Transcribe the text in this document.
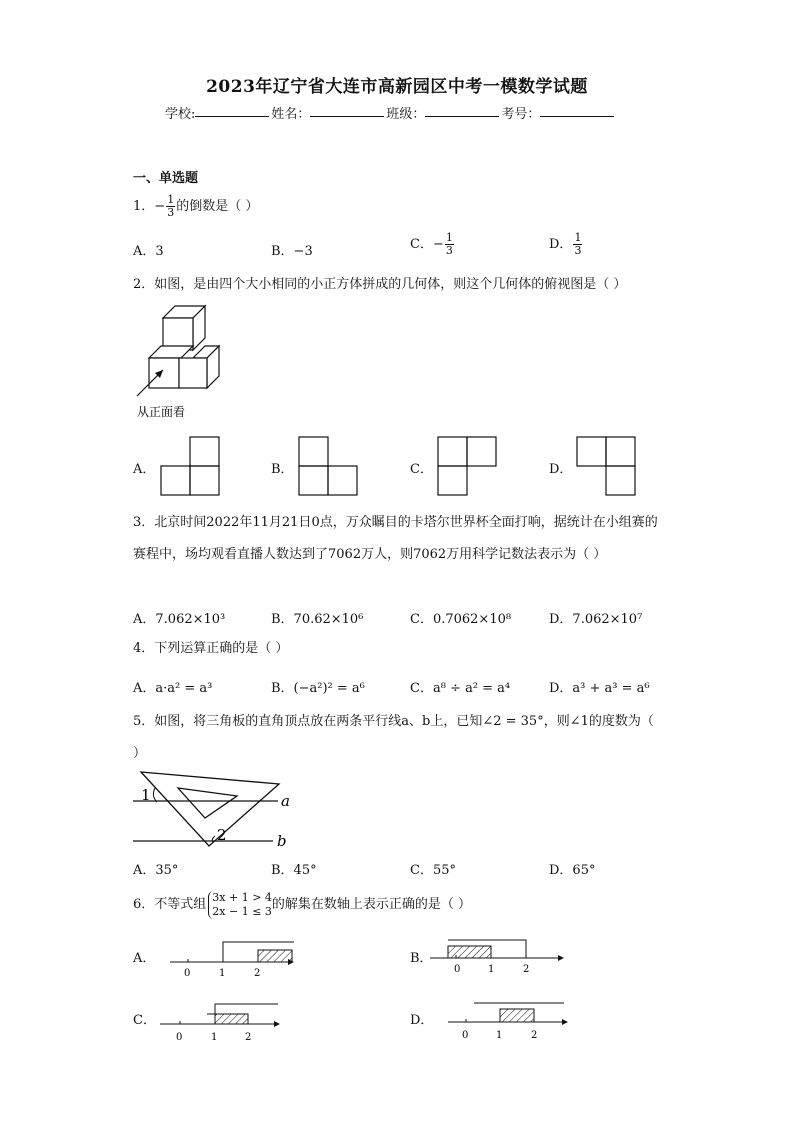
2023年辽宁省大连市高新园区中考一模数学试题
学校:	姓名：	班级：	考号：
一、单选题
1．− $\frac{1}{3}$ 的倒数是（ ）
A．3	B．−3	C．− $\frac{1}{3}$	D． $\frac{1}{3}$
2．如图，是由四个大小相同的小正方体拼成的几何体，则这个几何体的俯视图是（ ）
从正面看
A．	B．	C．	D．
3．北京时间2022年11月21日0点，万众瞩目的卡塔尔世界杯全面打响，据统计在小组赛的赛程中，场均观看直播人数达到了7062万人，则7062万用科学记数法表示为（ ）
A．7.062×10³	B．70.62×10⁶	C．0.7062×10⁸	D．7.062×10⁷
4．下列运算正确的是（ ）
A．a·a² = a³	B．(−a²)² = a⁶	C．a⁸ ÷ a² = a⁴	D．a³ + a³ = a⁶
5．如图，将三角板的直角顶点放在两条平行线a、b上，已知∠2 = 35°，则∠1的度数为（ ）
1
2
a
b
A．35°	B．45°	C．55°	D．65°
6．不等式组 3x + 1 > 4
2x − 1 ≤ 3 的解集在数轴上表示正确的是（ ）
A．
0	1	2
B．
0	1	2
C．
0	1	2
D．
0	1	2
